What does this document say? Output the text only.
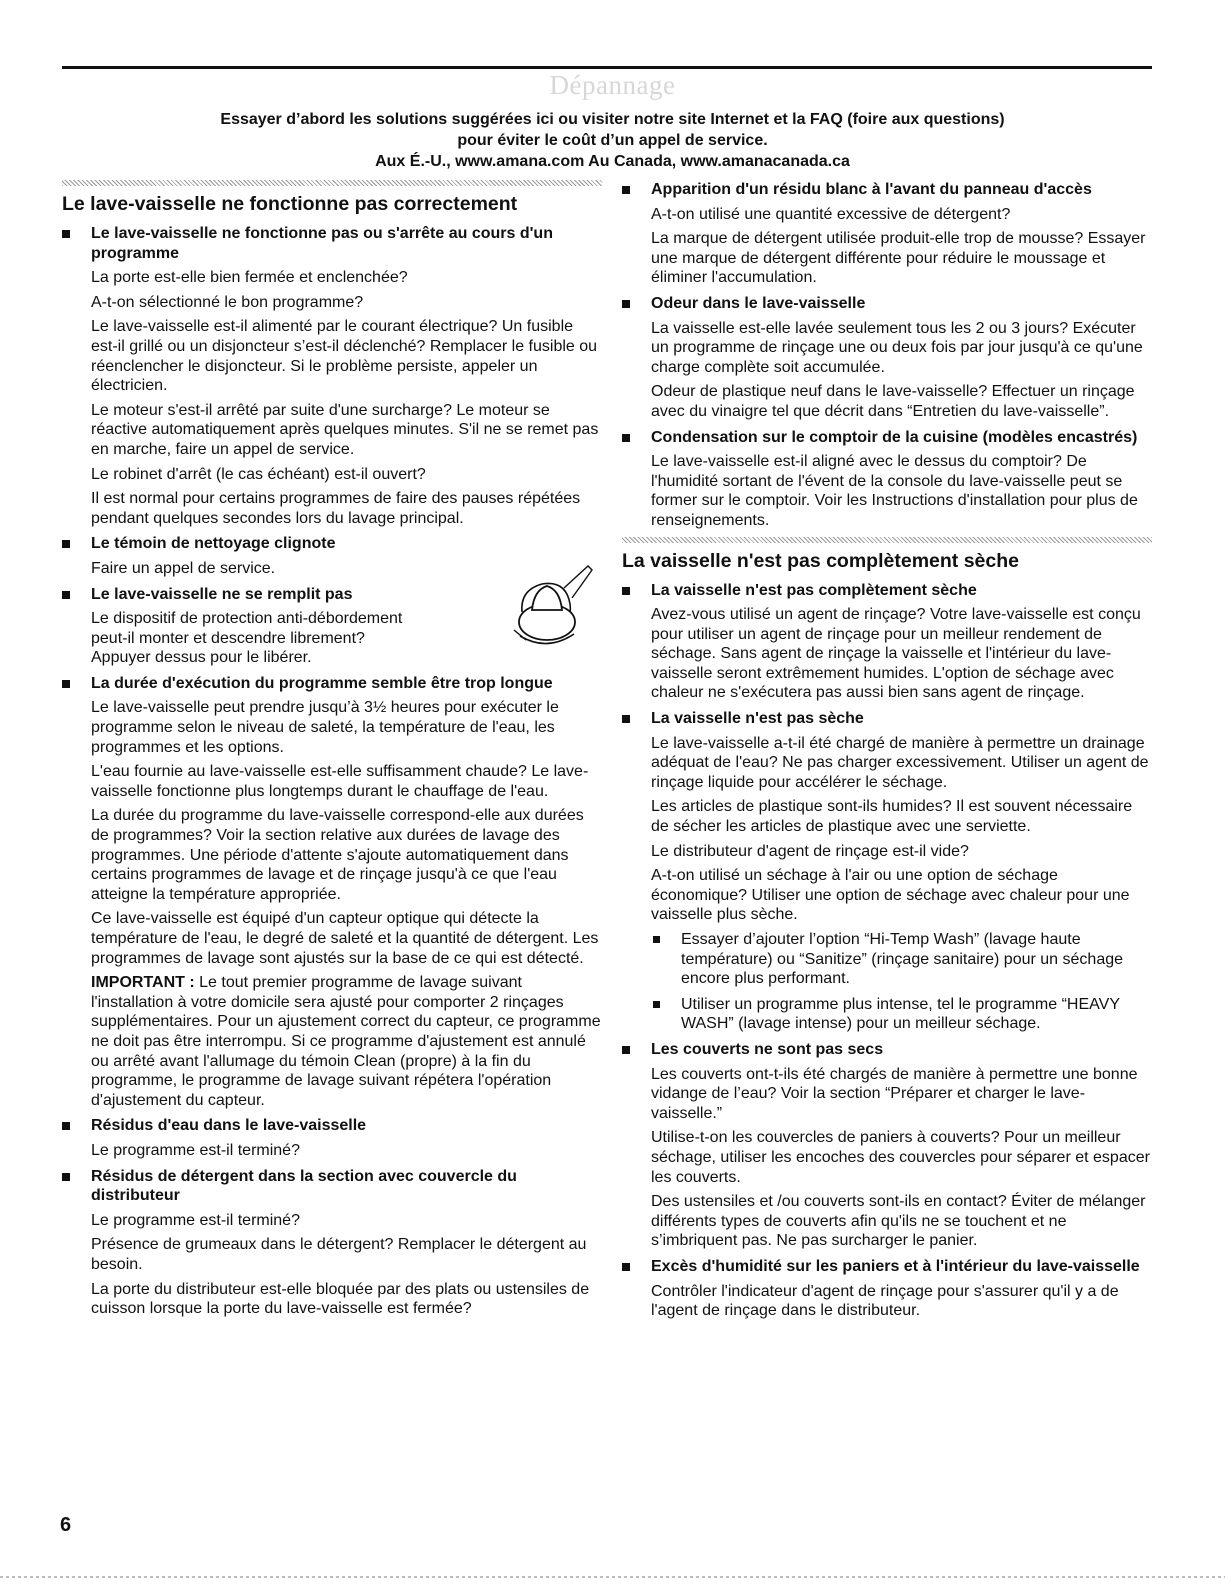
Dépannage
Essayer d’abord les solutions suggérées ici ou visiter notre site Internet et la FAQ (foire aux questions)
pour éviter le coût d’un appel de service.
Aux É.-U., www.amana.com Au Canada, www.amanacanada.ca
Le lave-vaisselle ne fonctionne pas correctement
Le lave-vaisselle ne fonctionne pas ou s'arrête au cours d'un programme

La porte est-elle bien fermée et enclenchée?

A-t-on sélectionné le bon programme?

Le lave-vaisselle est-il alimenté par le courant électrique? Un fusible est-il grillé ou un disjoncteur s’est-il déclenché? Remplacer le fusible ou réenclencher le disjoncteur. Si le problème persiste, appeler un électricien.

Le moteur s'est-il arrêté par suite d'une surcharge? Le moteur se réactive automatiquement après quelques minutes. S'il ne se remet pas en marche, faire un appel de service.

Le robinet d'arrêt (le cas échéant) est-il ouvert?

Il est normal pour certains programmes de faire des pauses répétées pendant quelques secondes lors du lavage principal.

Le témoin de nettoyage clignote

Faire un appel de service.

Le lave-vaisselle ne se remplit pas

Le dispositif de protection anti-débordement peut-il monter et descendre librement? Appuyer dessus pour le libérer.

La durée d'exécution du programme semble être trop longue

Le lave-vaisselle peut prendre jusqu’à 3½ heures pour exécuter le programme selon le niveau de saleté, la température de l'eau, les programmes et les options.

L'eau fournie au lave-vaisselle est-elle suffisamment chaude? Le lave-vaisselle fonctionne plus longtemps durant le chauffage de l'eau.

La durée du programme du lave-vaisselle correspond-elle aux durées de programmes? Voir la section relative aux durées de lavage des programmes. Une période d'attente s'ajoute automatiquement dans certains programmes de lavage et de rinçage jusqu'à ce que l'eau atteigne la température appropriée.

Ce lave-vaisselle est équipé d'un capteur optique qui détecte la température de l'eau, le degré de saleté et la quantité de détergent. Les programmes de lavage sont ajustés sur la base de ce qui est détecté.

IMPORTANT : Le tout premier programme de lavage suivant l'installation à votre domicile sera ajusté pour comporter 2 rinçages supplémentaires. Pour un ajustement correct du capteur, ce programme ne doit pas être interrompu. Si ce programme d'ajustement est annulé ou arrêté avant l'allumage du témoin Clean (propre) à la fin du programme, le programme de lavage suivant répétera l'opération d'ajustement du capteur.

Résidus d'eau dans le lave-vaisselle

Le programme est-il terminé?

Résidus de détergent dans la section avec couvercle du distributeur

Le programme est-il terminé?

Présence de grumeaux dans le détergent? Remplacer le détergent au besoin.

La porte du distributeur est-elle bloquée par des plats ou ustensiles de cuisson lorsque la porte du lave-vaisselle est fermée?

Apparition d'un résidu blanc à l'avant du panneau d'accès

A-t-on utilisé une quantité excessive de détergent?

La marque de détergent utilisée produit-elle trop de mousse? Essayer une marque de détergent différente pour réduire le moussage et éliminer l'accumulation.

Odeur dans le lave-vaisselle

La vaisselle est-elle lavée seulement tous les 2 ou 3 jours? Exécuter un programme de rinçage une ou deux fois par jour jusqu'à ce qu'une charge complète soit accumulée.

Odeur de plastique neuf dans le lave-vaisselle? Effectuer un rinçage avec du vinaigre tel que décrit dans “Entretien du lave-vaisselle”.

Condensation sur le comptoir de la cuisine (modèles encastrés)

Le lave-vaisselle est-il aligné avec le dessus du comptoir? De l'humidité sortant de l'évent de la console du lave-vaisselle peut se former sur le comptoir. Voir les Instructions d'installation pour plus de renseignements.

La vaisselle n'est pas complètement sèche
La vaisselle n'est pas complètement sèche

Avez-vous utilisé un agent de rinçage? Votre lave-vaisselle est conçu pour utiliser un agent de rinçage pour un meilleur rendement de séchage. Sans agent de rinçage la vaisselle et l'intérieur du lave-vaisselle seront extrêmement humides. L'option de séchage avec chaleur ne s'exécutera pas aussi bien sans agent de rinçage.

La vaisselle n'est pas sèche

Le lave-vaisselle a-t-il été chargé de manière à permettre un drainage adéquat de l'eau? Ne pas charger excessivement. Utiliser un agent de rinçage liquide pour accélérer le séchage.

Les articles de plastique sont-ils humides? Il est souvent nécessaire de sécher les articles de plastique avec une serviette.

Le distributeur d'agent de rinçage est-il vide?

A-t-on utilisé un séchage à l'air ou une option de séchage économique? Utiliser une option de séchage avec chaleur pour une vaisselle plus sèche.

Essayer d’ajouter l’option “Hi-Temp Wash” (lavage haute température) ou “Sanitize” (rinçage sanitaire) pour un séchage encore plus performant.
Utiliser un programme plus intense, tel le programme “HEAVY WASH” (lavage intense) pour un meilleur séchage.
Les couverts ne sont pas secs

Les couverts ont-t-ils été chargés de manière à permettre une bonne vidange de l’eau? Voir la section “Préparer et charger le lave-vaisselle.”

Utilise-t-on les couvercles de paniers à couverts? Pour un meilleur séchage, utiliser les encoches des couvercles pour séparer et espacer les couverts.

Des ustensiles et /ou couverts sont-ils en contact? Éviter de mélanger différents types de couverts afin qu'ils ne se touchent et ne s’imbriquent pas. Ne pas surcharger le panier.

Excès d'humidité sur les paniers et à l'intérieur du lave-vaisselle

Contrôler l'indicateur d'agent de rinçage pour s'assurer qu'il y a de l'agent de rinçage dans le distributeur.

6
